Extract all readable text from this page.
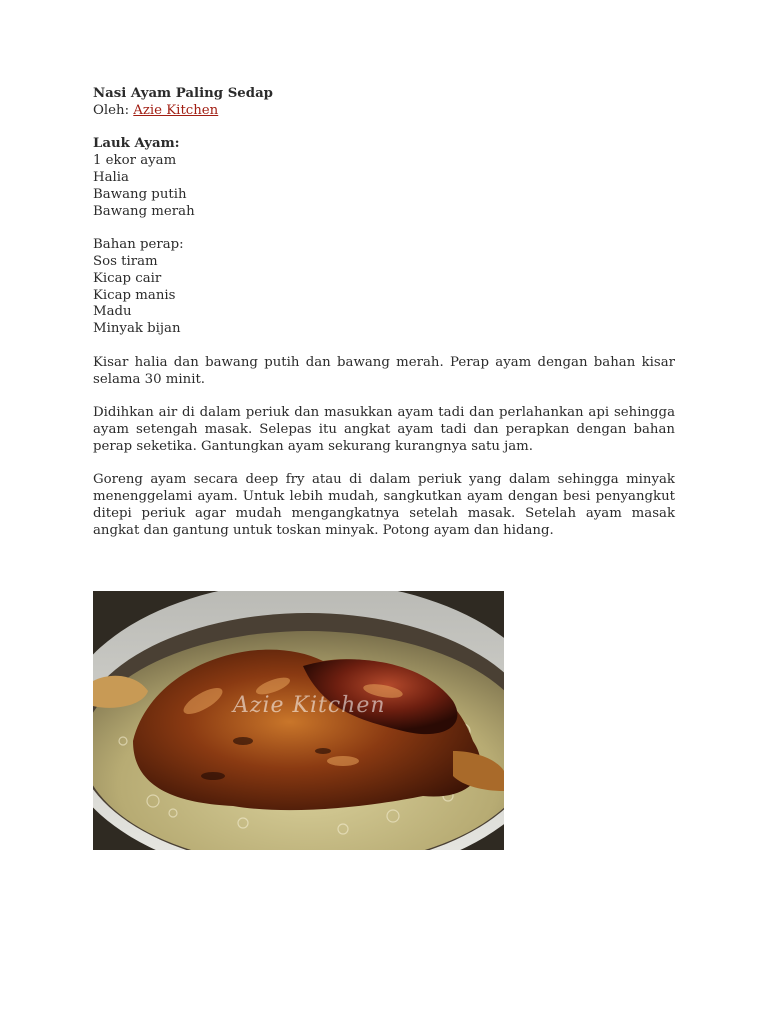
Nasi Ayam Paling Sedap
Oleh: Azie Kitchen
Lauk Ayam:
1 ekor ayam
Halia
Bawang putih
Bawang merah
Bahan perap:
Sos tiram
Kicap cair
Kicap manis
Madu
Minyak bijan

Kisar halia dan bawang putih dan bawang merah. Perap ayam dengan bahan kisar selama 30 minit.

Didihkan air di dalam periuk dan masukkan ayam tadi dan perlahankan api sehingga ayam setengah masak. Selepas itu angkat ayam tadi dan perapkan dengan bahan perap seketika. Gantungkan ayam sekurang kurangnya satu jam.

Goreng ayam secara deep fry atau di dalam periuk yang dalam sehingga minyak menenggelami ayam. Untuk lebih mudah, sangkutkan ayam dengan besi penyangkut ditepi periuk agar mudah mengangkatnya setelah masak. Setelah ayam masak angkat dan gantung untuk toskan minyak. Potong ayam dan hidang.

Azie Kitchen
